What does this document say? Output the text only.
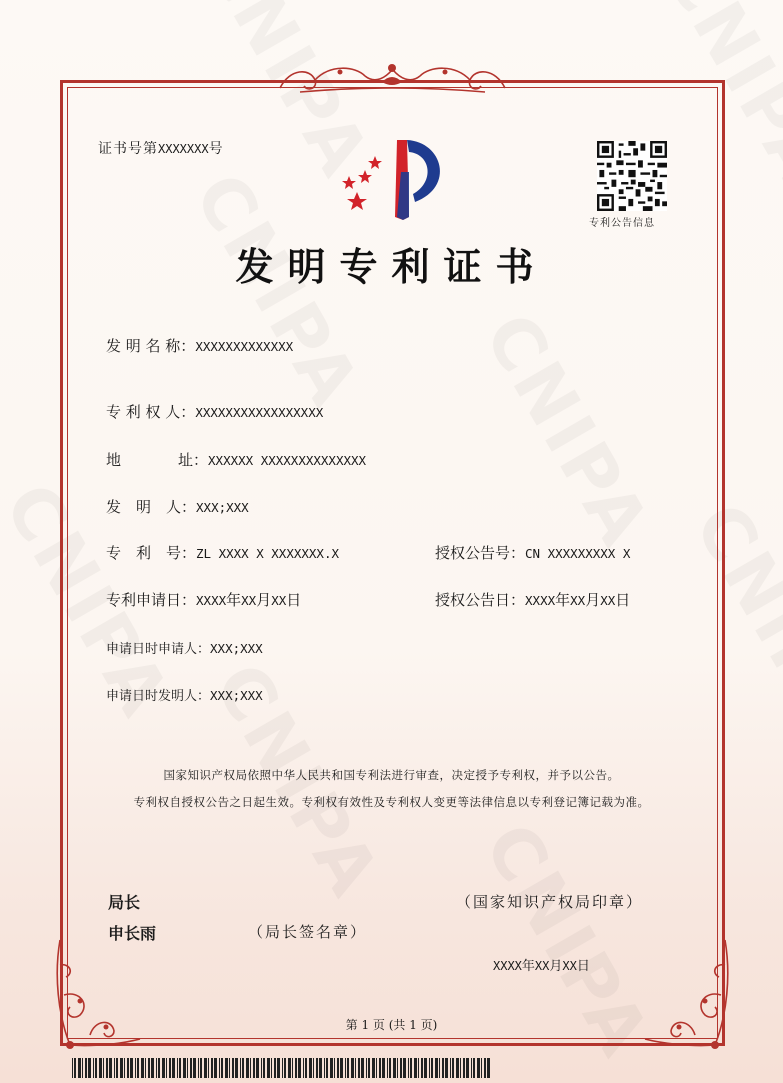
证书号第XXXXXXX号
专利公告信息
发明专利证书
发 明 名 称：XXXXXXXXXXXXX
专 利 权 人：XXXXXXXXXXXXXXXXX
地	址：XXXXXX XXXXXXXXXXXXXX
发　明　人：XXX;XXX
专　利　号：ZL XXXX X XXXXXXX.X	授权公告号：CN XXXXXXXXX X
专利申请日：XXXX年XX月XX日	授权公告日：XXXX年XX月XX日
申请日时申请人：XXX;XXX
申请日时发明人：XXX;XXX
国家知识产权局依照中华人民共和国专利法进行审查，决定授予专利权，并予以公告。
专利权自授权公告之日起生效。专利权有效性及专利权人变更等法律信息以专利登记簿记载为准。
局长
申长雨	（局长签名章）
（国家知识产权局印章）
XXXX年XX月XX日
第 1 页 (共 1 页)
